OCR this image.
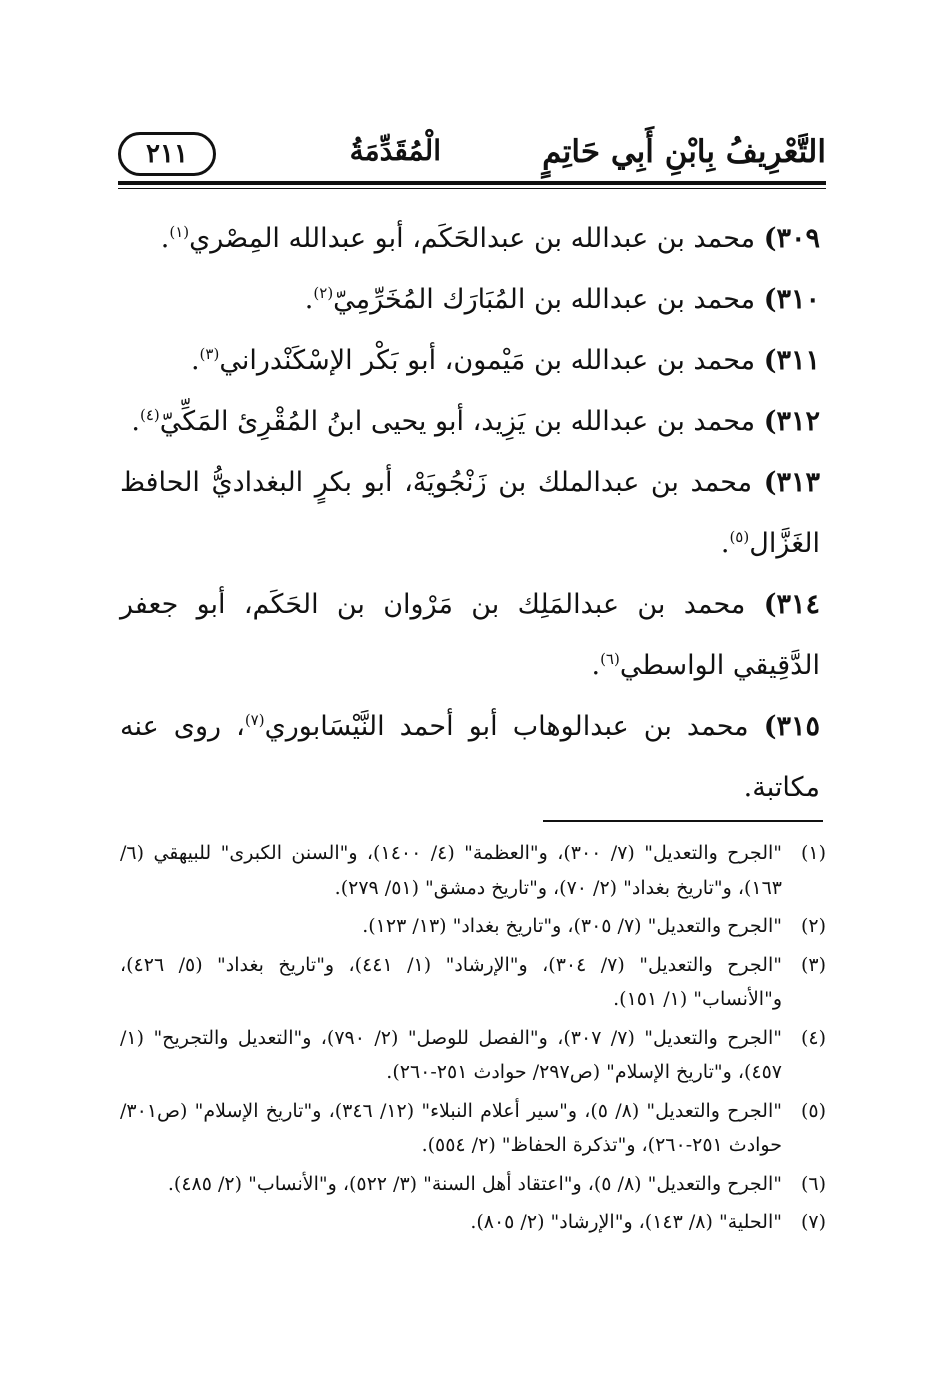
التَّعْرِيفُ بِابْنِ أَبِي حَاتِمٍ
الْمُقَدِّمَةُ
٢١١

٣٠٩) محمد بن عبدالله بن عبدالحَكَم، أبو عبدالله المِصْري$^{(١)}$.

٣١٠) محمد بن عبدالله بن المُبَارَك المُخَرِّمِيّ$^{(٢)}$.

٣١١) محمد بن عبدالله بن مَيْمون، أبو بَكْر الإسْكَنْدراني$^{(٣)}$.

٣١٢) محمد بن عبدالله بن يَزِيد، أبو يحيى ابنُ المُقْرِئ المَكِّيّ$^{(٤)}$.

٣١٣) محمد بن عبدالملك بن زَنْجُويَهْ، أبو بكرٍ البغداديُّ الحافظ الغَزَّال$^{(٥)}$.

٣١٤) محمد بن عبدالمَلِك بن مَرْوان بن الحَكَم، أبو جعفر الدَّقِيقي الواسطي$^{(٦)}$.

٣١٥) محمد بن عبدالوهاب أبو أحمد النَّيْسَابوري$^{(٧)}$، روى عنه مكاتبة.

(١)
"الجرح والتعديل" (٧/ ٣٠٠)، و"العظمة" (٤/ ١٤٠٠)، و"السنن الكبرى" للبيهقي (٦/ ١٦٣)، و"تاريخ بغداد" (٢/ ٧٠)، و"تاريخ دمشق" (٥١/ ٢٧٩).
(٢)
"الجرح والتعديل" (٧/ ٣٠٥)، و"تاريخ بغداد" (١٣/ ١٢٣).
(٣)
"الجرح والتعديل" (٧/ ٣٠٤)، و"الإرشاد" (١/ ٤٤١)، و"تاريخ بغداد" (٥/ ٤٢٦)، و"الأنساب" (١/ ١٥١).
(٤)
"الجرح والتعديل" (٧/ ٣٠٧)، و"الفصل للوصل" (٢/ ٧٩٠)، و"التعديل والتجريح" (١/ ٤٥٧)، و"تاريخ الإسلام" (ص٢٩٧/ حوادث ٢٥١-٢٦٠).
(٥)
"الجرح والتعديل" (٨/ ٥)، و"سير أعلام النبلاء" (١٢/ ٣٤٦)، و"تاريخ الإسلام" (ص٣٠١/ حوادث ٢٥١-٢٦٠)، و"تذكرة الحفاظ" (٢/ ٥٥٤).
(٦)
"الجرح والتعديل" (٨/ ٥)، و"اعتقاد أهل السنة" (٣/ ٥٢٢)، و"الأنساب" (٢/ ٤٨٥).
(٧)
"الحلية" (٨/ ١٤٣)، و"الإرشاد" (٢/ ٨٠٥).
